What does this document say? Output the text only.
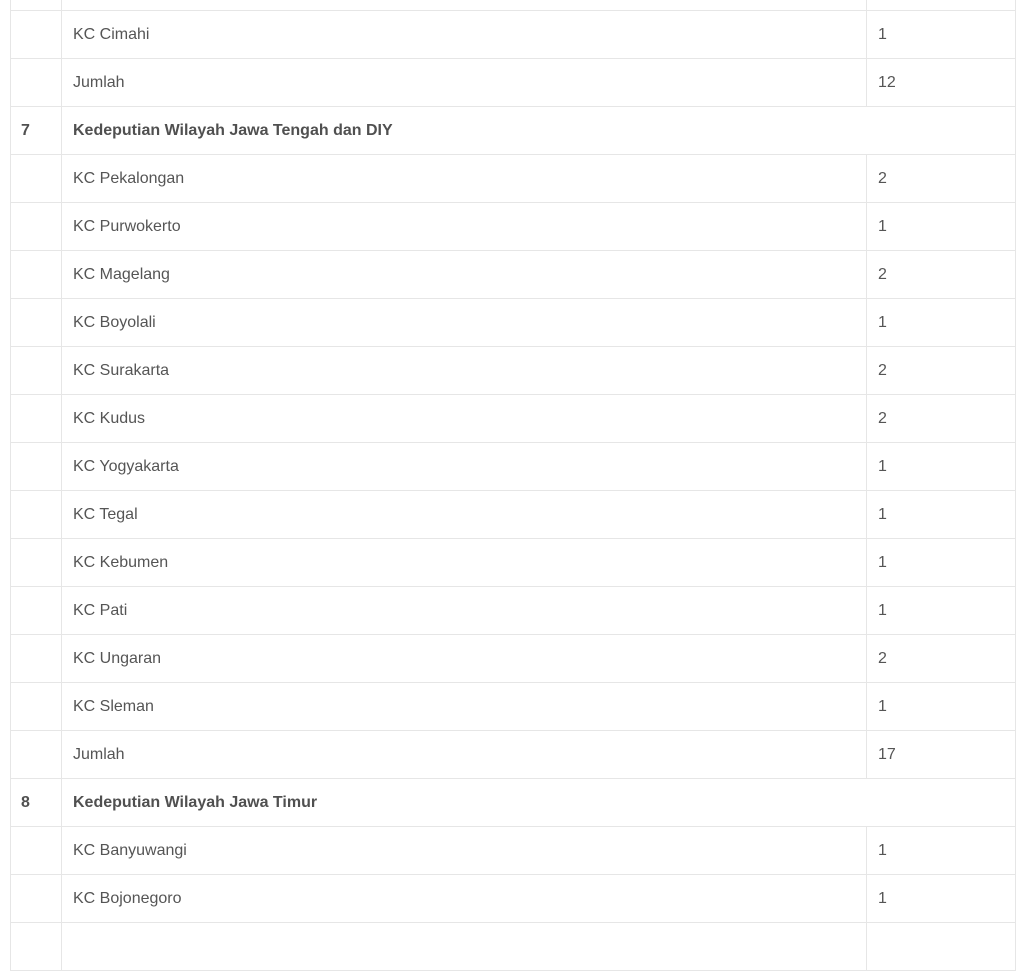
	KC Cimahi	1
	Jumlah	12
7	Kedeputian Wilayah Jawa Tengah dan DIY	
	KC Pekalongan	2
	KC Purwokerto	1
	KC Magelang	2
	KC Boyolali	1
	KC Surakarta	2
	KC Kudus	2
	KC Yogyakarta	1
	KC Tegal	1
	KC Kebumen	1
	KC Pati	1
	KC Ungaran	2
	KC Sleman	1
	Jumlah	17
8	Kedeputian Wilayah Jawa Timur	
	KC Banyuwangi	1
	KC Bojonegoro	1
